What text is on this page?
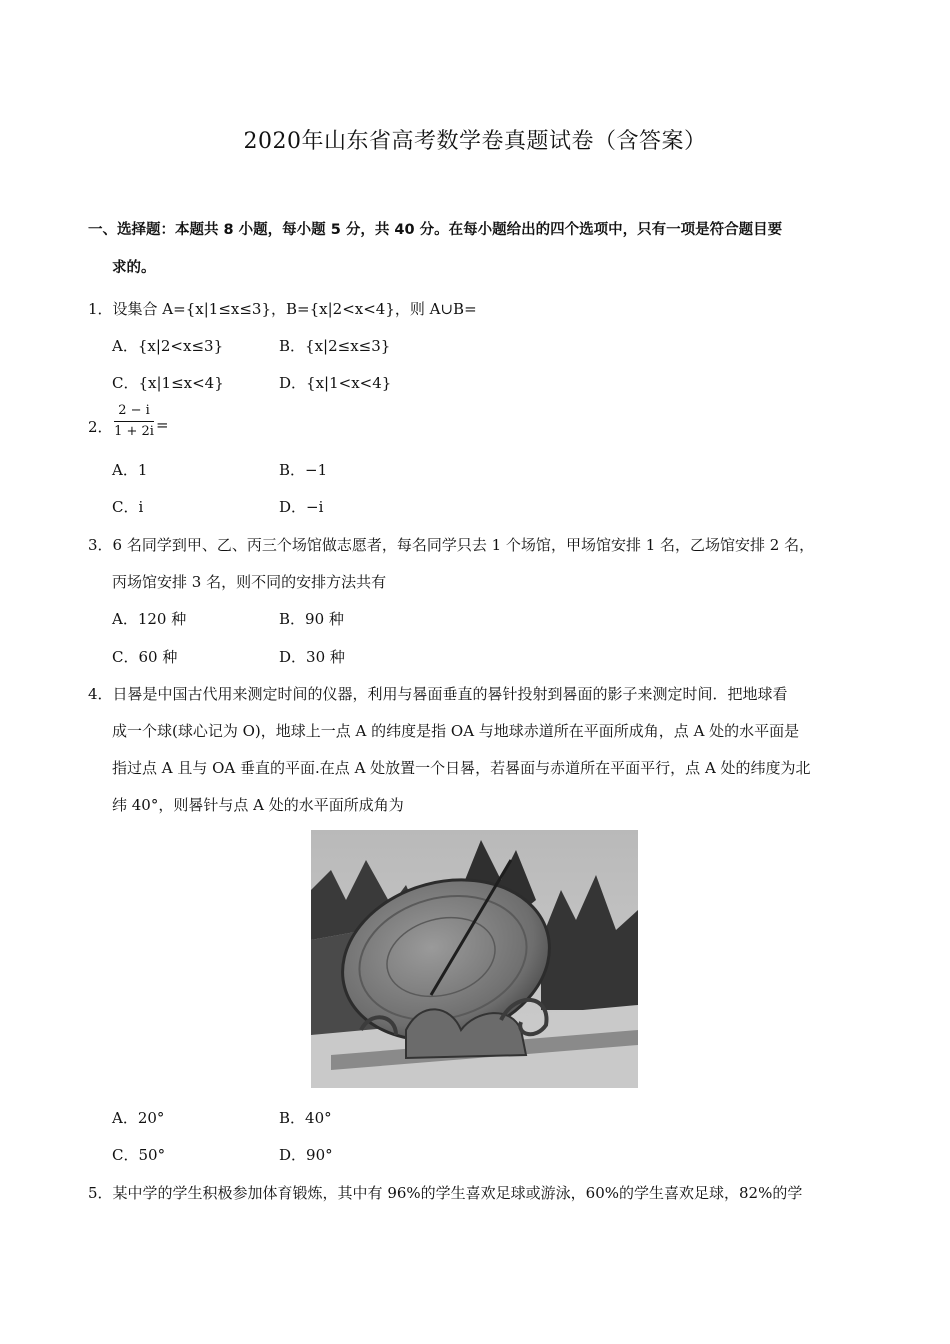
2020年山东省高考数学卷真题试卷（含答案）
一、选择题：本题共 8 小题，每小题 5 分，共 40 分。在每小题给出的四个选项中，只有一项是符合题目要
求的。
1．设集合 A={x|1≤x≤3}，B={x|2<x<4}，则 A∪B=
A．{x|2<x≤3}	B．{x|2≤x≤3}
C．{x|1≤x<4}	D．{x|1<x<4}
2． $\frac{2 - i}{1 + 2i}$ =
A．1	B．−1
C．i	D．−i
3．6 名同学到甲、乙、丙三个场馆做志愿者，每名同学只去 1 个场馆，甲场馆安排 1 名，乙场馆安排 2 名，
丙场馆安排 3 名，则不同的安排方法共有
A．120 种	B．90 种
C．60 种	D．30 种
4．日晷是中国古代用来测定时间的仪器，利用与晷面垂直的晷针投射到晷面的影子来测定时间．把地球看
成一个球(球心记为 O)，地球上一点 A 的纬度是指 OA 与地球赤道所在平面所成角，点 A 处的水平面是
指过点 A 且与 OA 垂直的平面.在点 A 处放置一个日晷，若晷面与赤道所在平面平行，点 A 处的纬度为北
纬 40°，则晷针与点 A 处的水平面所成角为
A．20°	B．40°
C．50°	D．90°
5．某中学的学生积极参加体育锻炼，其中有 96%的学生喜欢足球或游泳，60%的学生喜欢足球，82%的学
